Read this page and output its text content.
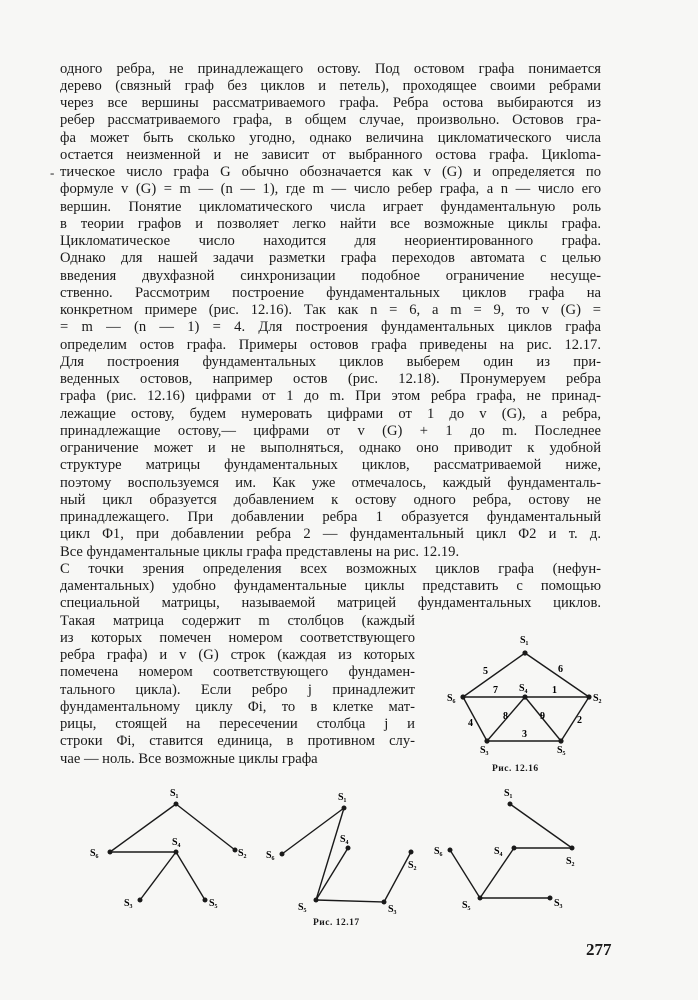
одного ребра, не принадлежащего остову. Под остовом графа понимается
дерево (связный граф без циклов и петель), проходящее своими ребрами
через все вершины рассматриваемого графа. Ребра остова выбираются из
ребер рассматриваемого графа, в общем случае, произвольно. Остовов гра-
фа может быть сколько угодно, однако величина цикломатического числа
остается неизменной и не зависит от выбранного остова графа. Цикloma-
тическое число графа G обычно обозначается как v (G) и определяется по
-
формуле v (G) = m — (n — 1), где m — число ребер графа, а n — число его
вершин. Понятие цикломатического числа играет фундаментальную роль
в теории графов и позволяет легко найти все возможные циклы графа.
Цикломатическое число находится для неориентированного графа.
Однако для нашей задачи разметки графа переходов автомата с целью
введения двухфазной синхронизации подобное ограничение несуще-
ственно. Рассмотрим построение фундаментальных циклов графа на
конкретном примере (рис. 12.16). Так как n = 6, а m = 9, то v (G) =
= m — (n — 1) = 4. Для построения фундаментальных циклов графа
определим остов графа. Примеры остовов графа приведены на рис. 12.17.
Для построения фундаментальных циклов выберем один из при-
веденных остовов, например остов (рис. 12.18). Пронумеруем ребра
графа (рис. 12.16) цифрами от 1 до m. При этом ребра графа, не принад-
лежащие остову, будем нумеровать цифрами от 1 до v (G), а ребра,
принадлежащие остову,— цифрами от v (G) + 1 до m. Последнее
ограничение может и не выполняться, однако оно приводит к удобной
структуре матрицы фундаментальных циклов, рассматриваемой ниже,
поэтому воспользуемся им. Как уже отмечалось, каждый фундаменталь-
ный цикл образуется добавлением к остову одного ребра, остову не
принадлежащего. При добавлении ребра 1 образуется фундаментальный
цикл Φ1, при добавлении ребра 2 — фундаментальный цикл Φ2 и т. д.
Все фундаментальные циклы графа представлены на рис. 12.19.
С точки зрения определения всех возможных циклов графа (нефун-
даментальных) удобно фундаментальные циклы представить с помощью
специальной матрицы, называемой матрицей фундаментальных циклов.
Такая матрица содержит m столбцов (каждый
из которых помечен номером соответствующего
ребра графа) и v (G) строк (каждая из которых
помечена номером соответствующего фундамен-
тального цикла). Если ребро j принадлежит
фундаментальному циклу Φi, то в клетке мат-
рицы, стоящей на пересечении столбца j и
строки Φi, ставится единица, в противном слу-
чае — ноль. Все возможные циклы графа
S₁
S₆
S₄
S₂
S₃	S₅
5	6
7	1
4
8	9	2
3
Рис. 12.16
S₁
S₆
S₄
S₂
S₃	S₅
S₁
S₆
S₄
S₂
S₅	S₃
S₁
S₆	S₄
S₂
S₅	S₃
Рис. 12.17
277
